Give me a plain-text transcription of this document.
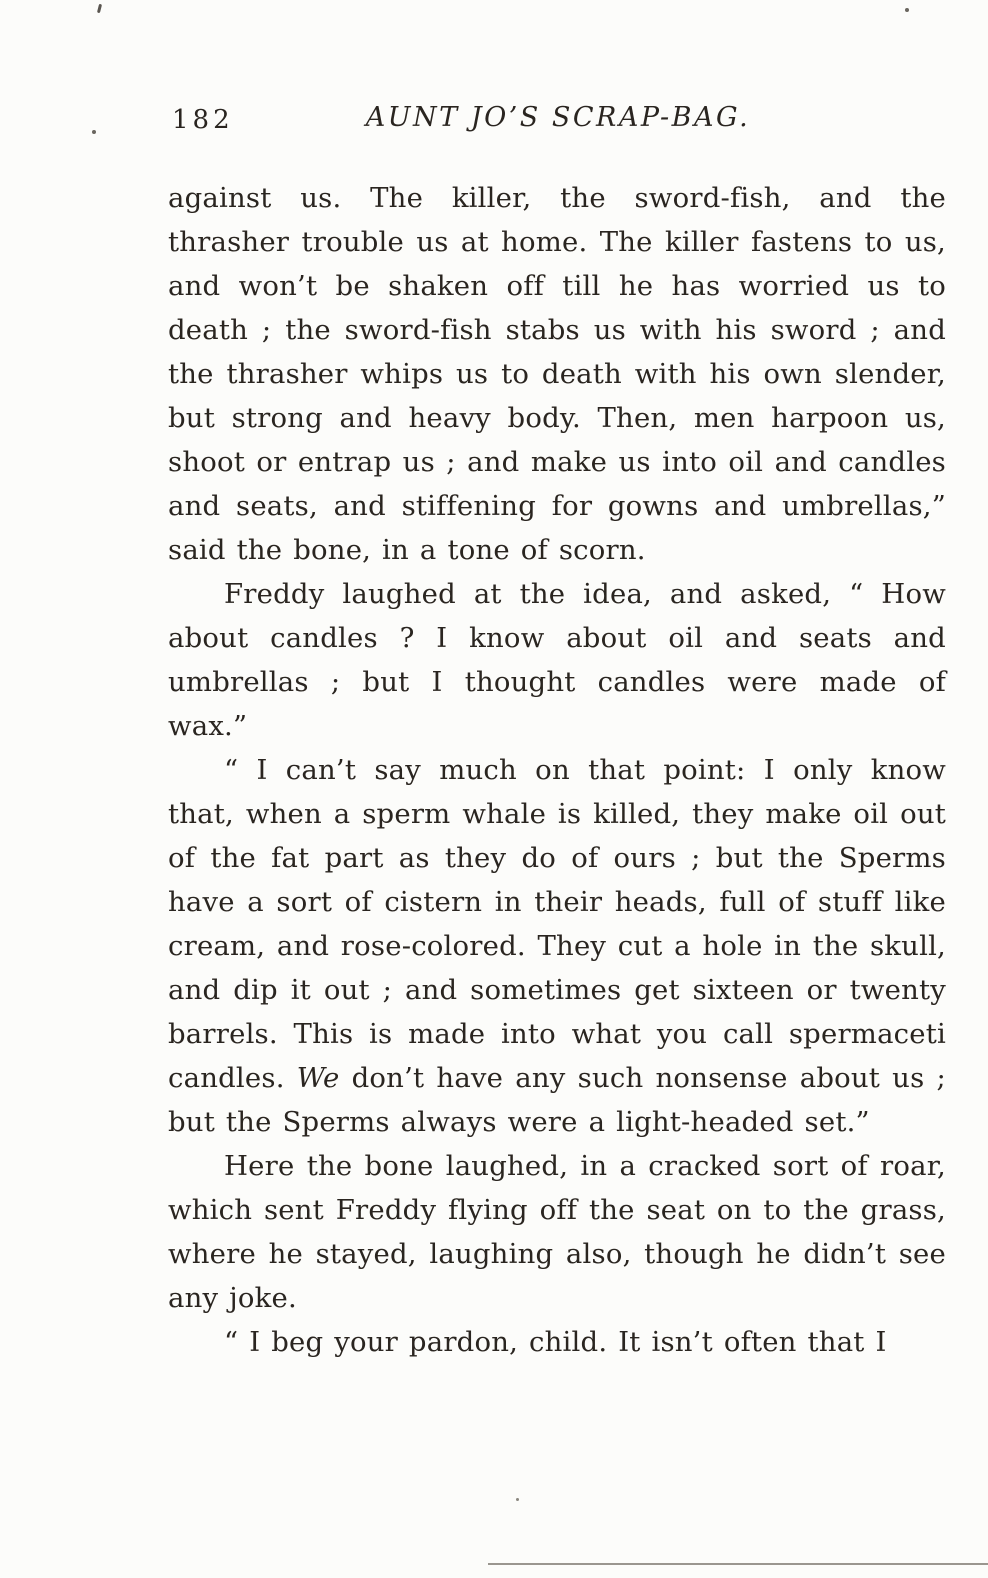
182	AUNT JO’S SCRAP-BAG.

against us. The killer, the sword-fish, and the thrasher trouble us at home. The killer fastens to us, and won’t be shaken off till he has worried us to death ; the sword-fish stabs us with his sword ; and the thrasher whips us to death with his own slender, but strong and heavy body. Then, men harpoon us, shoot or entrap us ; and make us into oil and candles and seats, and stiffening for gowns and umbrellas,” said the bone, in a tone of scorn.

Freddy laughed at the idea, and asked, “ How about candles ? I know about oil and seats and umbrellas ; but I thought candles were made of wax.”

“ I can’t say much on that point: I only know that, when a sperm whale is killed, they make oil out of the fat part as they do of ours ; but the Sperms have a sort of cistern in their heads, full of stuff like cream, and rose-colored. They cut a hole in the skull, and dip it out ; and sometimes get sixteen or twenty barrels. This is made into what you call spermaceti candles. We don’t have any such nonsense about us ; but the Sperms always were a light-headed set.”

Here the bone laughed, in a cracked sort of roar, which sent Freddy flying off the seat on to the grass, where he stayed, laughing also, though he didn’t see any joke.

“ I beg your pardon, child. It isn’t often that I
